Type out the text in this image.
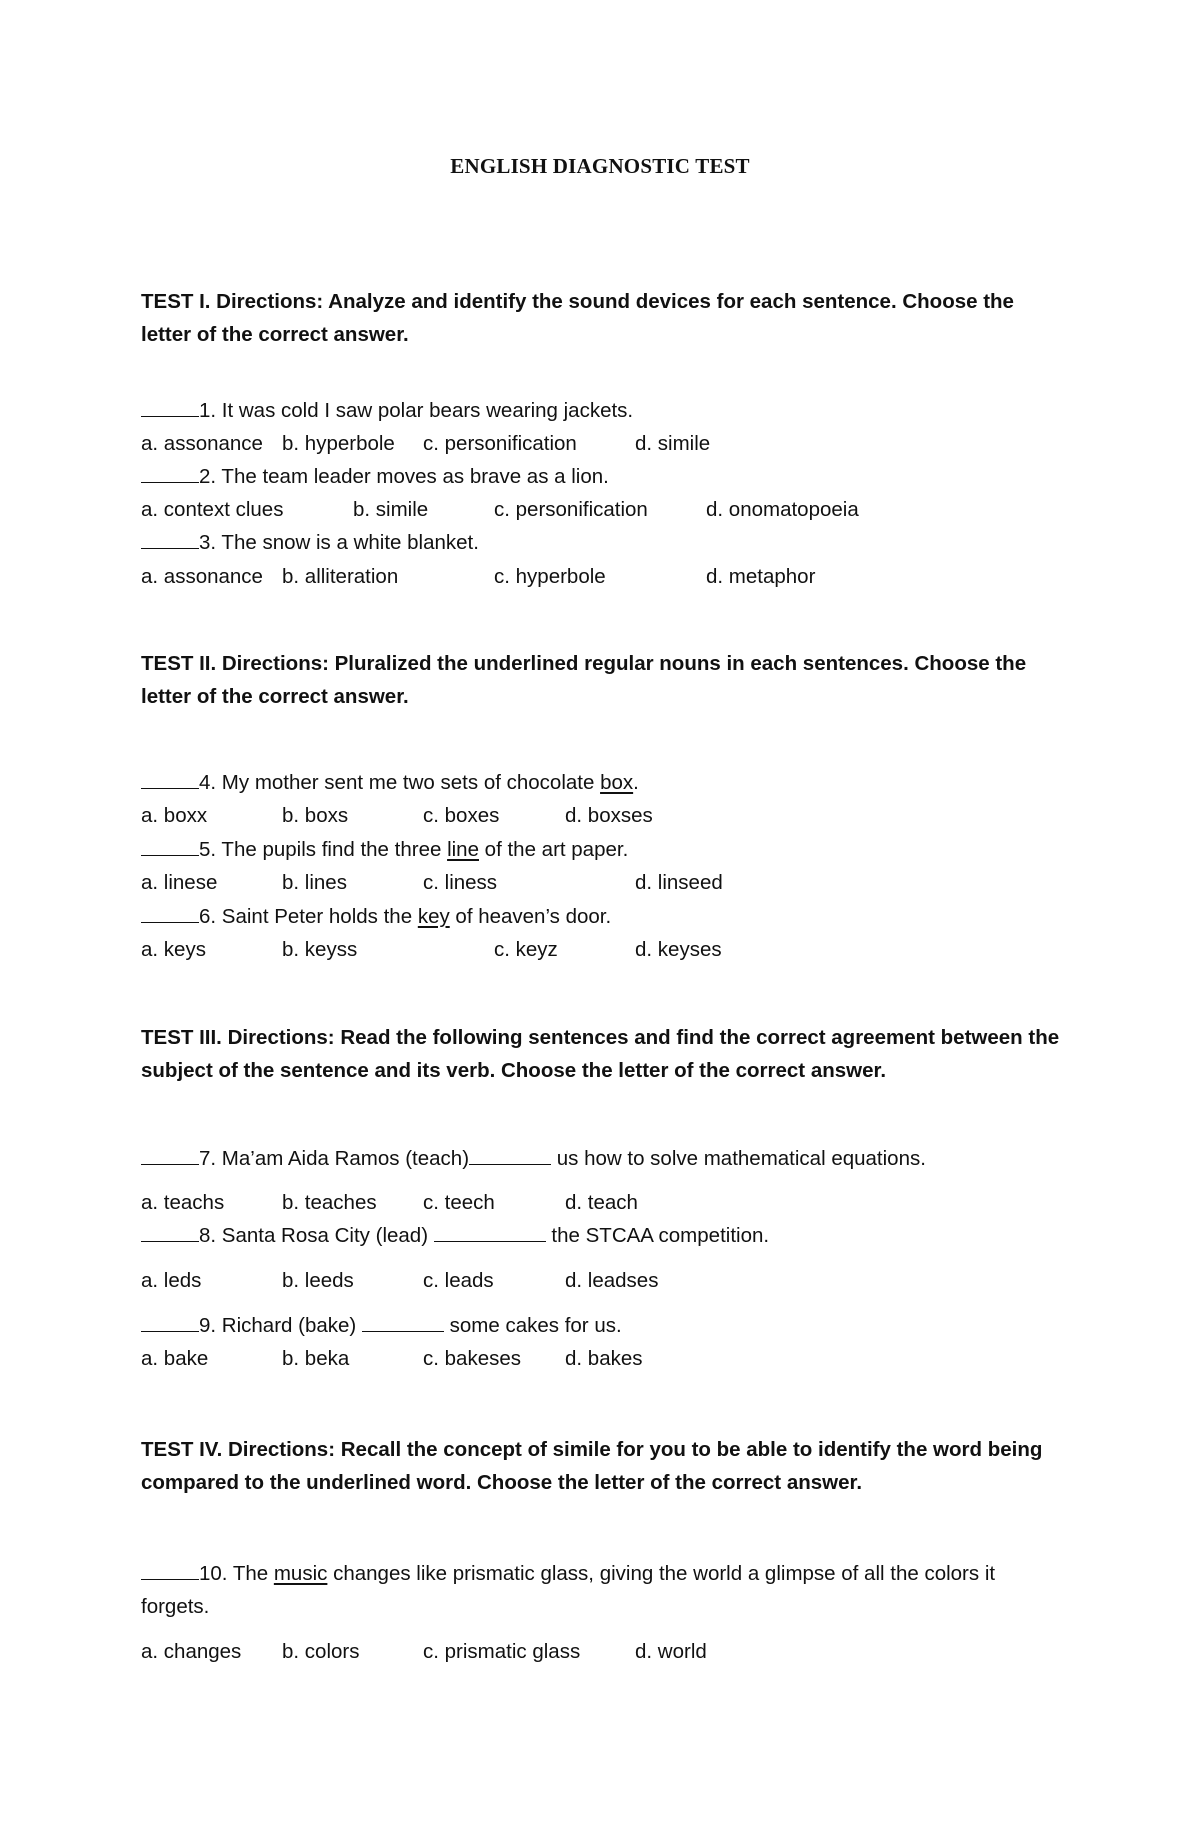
ENGLISH DIAGNOSTIC TEST
TEST I. Directions: Analyze and identify the sound devices for each sentence. Choose the letter of the correct answer.
1. It was cold I saw polar bears wearing jackets.
a. assonance b. hyperbole c. personification	d. simile
2. The team leader moves as brave as a lion.
a. context clues	b. simile	c. personification	d. onomatopoeia
3. The snow is a white blanket.
a. assonance b. alliteration	c. hyperbole	d. metaphor
TEST II. Directions: Pluralized the underlined regular nouns in each sentences. Choose the letter of the correct answer.
4. My mother sent me two sets of chocolate box.
a. boxx	b. boxs	c. boxes	d. boxses
5. The pupils find the three line of the art paper.
a. linese	b. lines	c. liness	d. linseed
6. Saint Peter holds the key of heaven’s door.
a. keys	b. keyss	c. keyz	d. keyses
TEST III. Directions: Read the following sentences and find the correct agreement between the subject of the sentence and its verb. Choose the letter of the correct answer.
7. Ma’am Aida Ramos (teach)	us how to solve mathematical equations.
a. teachs	b. teaches c. teech	d. teach
8. Santa Rosa City (lead)	the STCAA competition.
a. leds	b. leeds	c. leads	d. leadses
9. Richard (bake)	some cakes for us.
a. bake	b. beka	c. bakeses d. bakes
TEST IV. Directions: Recall the concept of simile for you to be able to identify the word being compared to the underlined word. Choose the letter of the correct answer.
10. The music changes like prismatic glass, giving the world a glimpse of all the colors it forgets.
a. changes b. colors	c. prismatic glass	d. world
